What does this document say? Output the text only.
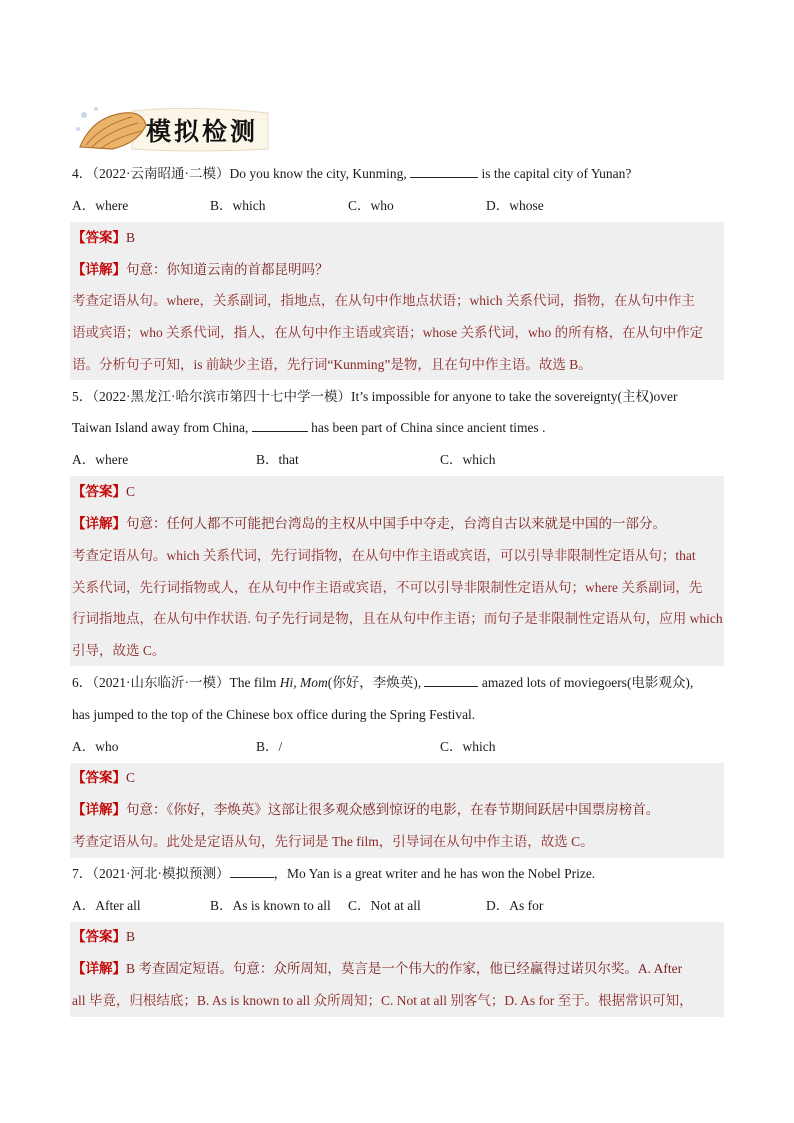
模拟检测
4．（2022·云南昭通·二模）Do you know the city, Kunming,	is the capital city of Yunan?
A．where	B．which	C．who	D．whose
【答案】B
【详解】句意：你知道云南的首都昆明吗？
考查定语从句。where，关系副词，指地点，在从句中作地点状语；which 关系代词，指物，在从句中作主
语或宾语；who 关系代词，指人，在从句中作主语或宾语；whose 关系代词，who 的所有格，在从句中作定
语。分析句子可知，is 前缺少主语，先行词“Kunming”是物，且在句中作主语。故选 B。
5．（2022·黑龙江·哈尔滨市第四十七中学一模）It’s impossible for anyone to take the sovereignty(主权)over
Taiwan Island away from China,	has been part of China since ancient times .
A．where	B．that	C．which
【答案】C
【详解】句意：任何人都不可能把台湾岛的主权从中国手中夺走，台湾自古以来就是中国的一部分。
考查定语从句。which 关系代词，先行词指物，在从句中作主语或宾语，可以引导非限制性定语从句；that
关系代词，先行词指物或人，在从句中作主语或宾语，不可以引导非限制性定语从句；where 关系副词，先
行词指地点，在从句中作状语. 句子先行词是物，且在从句中作主语；而句子是非限制性定语从句，应用 which
引导，故选 C。
6．（2021·山东临沂·一模）The film Hi, Mom(你好，李焕英),	amazed lots of moviegoers(电影观众),
has jumped to the top of the Chinese box office during the Spring Festival.
A．who	B．/	C．which
【答案】C
【详解】句意：《你好，李焕英》这部让很多观众感到惊讶的电影，在春节期间跃居中国票房榜首。
考查定语从句。此处是定语从句，先行词是 The film，引导词在从句中作主语，故选 C。
7．（2021·河北·模拟预测）	，Mo Yan is a great writer and he has won the Nobel Prize.
A．After all	B．As is known to all C．Not at all	D．As for
【答案】B
【详解】B 考查固定短语。句意：众所周知，莫言是一个伟大的作家，他已经赢得过诺贝尔奖。A. After
all 毕竟，归根结底；B. As is known to all 众所周知；C. Not at all 别客气；D. As for 至于。根据常识可知，
